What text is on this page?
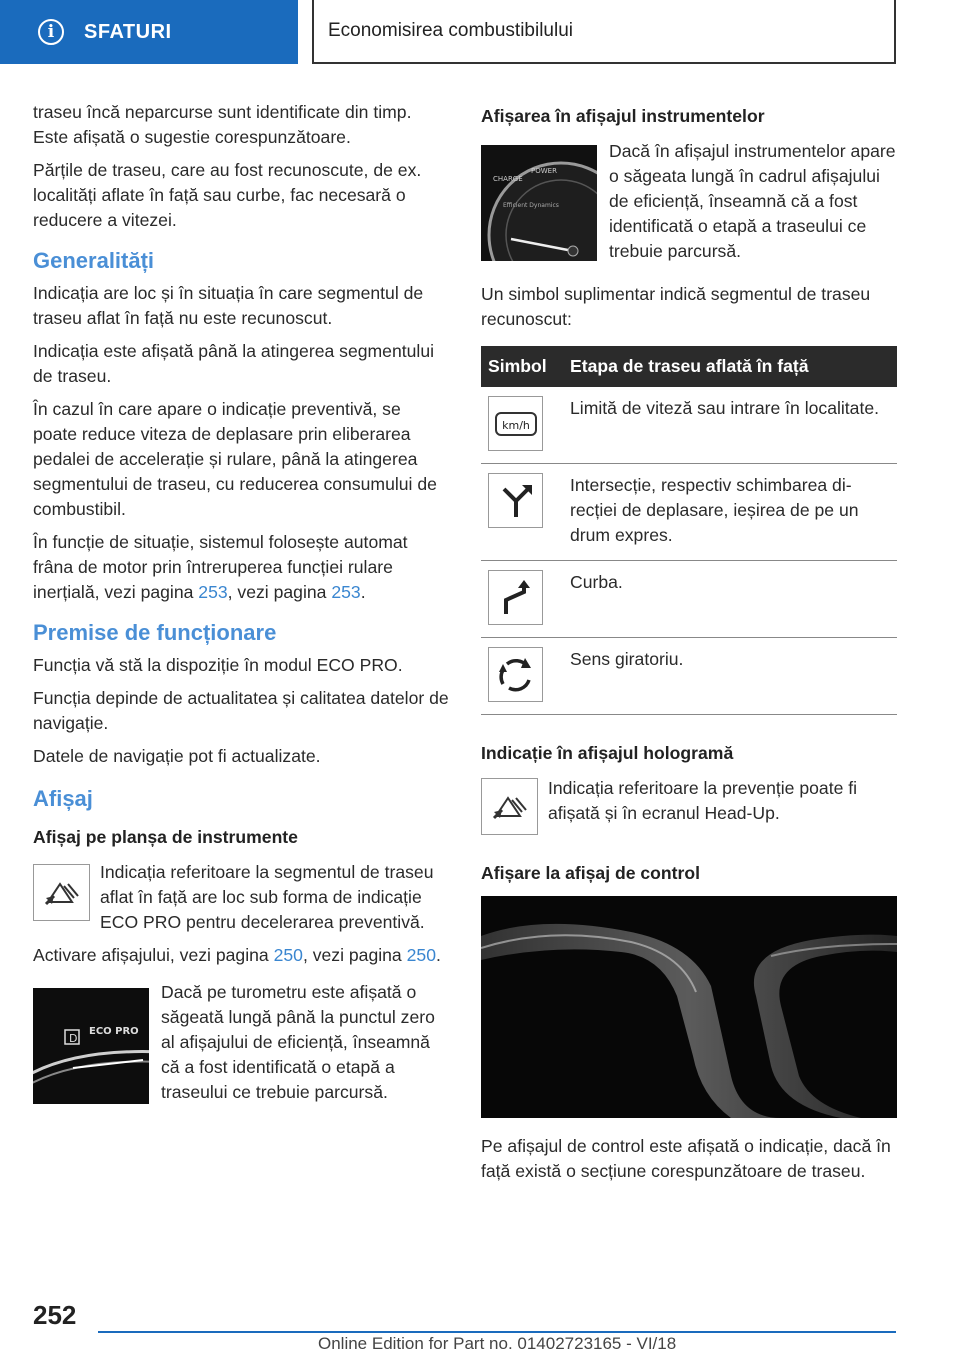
i	SFATURI	Economisirea combustibilului

traseu încă neparcurse sunt identificate din timp. Este afișată o sugestie corespunzătoare.

Părțile de traseu, care au fost recunoscute, de ex. localități aflate în față sau curbe, fac necesară o reducere a vitezei.

Generalități

Indicația are loc și în situația în care segmentul de traseu aflat în față nu este recunoscut.

Indicația este afișată până la atingerea segmentului de traseu.

În cazul în care apare o indicație preventivă, se poate reduce viteza de deplasare prin eliberarea pedalei de accelerație și rulare, până la atingerea segmentului de traseu, cu reducerea consumului de combustibil.

În funcție de situație, sistemul folosește automat frâna de motor prin întreruperea funcției rulare inerțială, vezi pagina 253, vezi pagina 253.

Premise de funcționare

Funcția vă stă la dispoziție în modul ECO PRO.

Funcția depinde de actualitatea și calitatea datelor de navigație.

Datele de navigație pot fi actualizate.

Afișaj
Afișaj pe planșa de instrumente

Indicația referitoare la segmentul de traseu aflat în față are loc sub forma de indicație ECO PRO pentru decelerarea preventivă.

Activare afișajului, vezi pagina 250, vezi pagina 250.

D
ECO PRO

Dacă pe turometru este afișată o săgeată lungă până la punctul zero al afișajului de eficiență, înseamnă că a fost identificată o etapă a traseului ce trebuie parcursă.

Afișarea în afișajul instrumentelor
CHARGE
POWER
Efficient Dynamics

Dacă în afișajul instrumentelor apare o săgeata lungă în cadrul afișajului de eficiență, înseamnă că a fost identificată o etapă a traseului ce trebuie parcursă.

Un simbol suplimentar indică segmentul de traseu recunoscut:

Simbol	Etapa de traseu aflată în față

km/h	Limită de viteză sau intrare în localitate.

	Intersecție, respectiv schimbarea direcției de deplasare, ieșirea de pe un drum expres.

	Curba.

	Sens giratoriu.
Indicație în afișajul hologramă

Indicația referitoare la prevenție poate fi afișată și în ecranul Head-Up.

Afișare la afișaj de control

Pe afișajul de control este afișată o indicație, dacă în față există o secțiune corespunzătoare de traseu.

252
Online Edition for Part no. 01402723165 - VI/18
